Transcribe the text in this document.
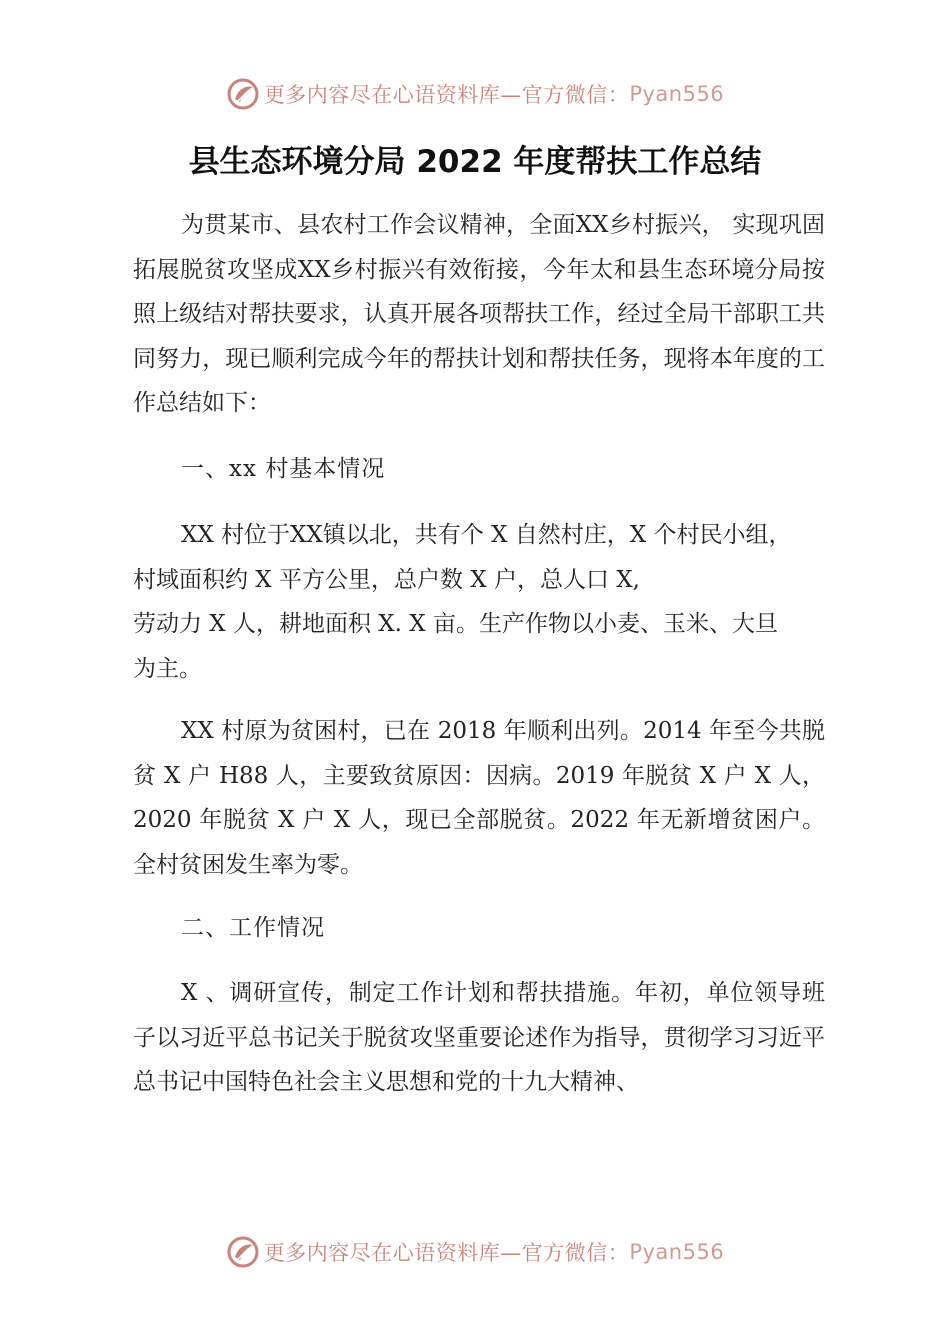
更多内容尽在心语资料库—官方微信： Pyan556
县生态环境分局 2022 年度帮扶工作总结

为贯某市、县农村工作会议精神，全面XX乡村振兴， 实现巩固拓展脱贫攻坚成XX乡村振兴有效衔接，今年太和县生态环境分局按照上级结对帮扶要求，认真开展各项帮扶工作，经过全局干部职工共同努力，现已顺利完成今年的帮扶计划和帮扶任务，现将本年度的工作总结如下：

一、xx 村基本情况

XX 村位于XX镇以北，共有个 X 自然村庄，X 个村民小组，
村域面积约 X 平方公里，总户数 X 户，总人口 X,
劳动力 X 人，耕地面积 X. X 亩。生产作物以小麦、玉米、大旦
为主。

XX 村原为贫困村，已在 2018 年顺利出列。2014 年至今共脱贫 X 户 H88 人，主要致贫原因：因病。2019 年脱贫 X 户 X 人，2020 年脱贫 X 户 X 人，现已全部脱贫。2022 年无新增贫困户。全村贫困发生率为零。

二、工作情况

X 、调研宣传，制定工作计划和帮扶措施。年初，单位领导班子以习近平总书记关于脱贫攻坚重要论述作为指导，贯彻学习习近平总书记中国特色社会主义思想和党的十九大精神、

更多内容尽在心语资料库—官方微信： Pyan556
